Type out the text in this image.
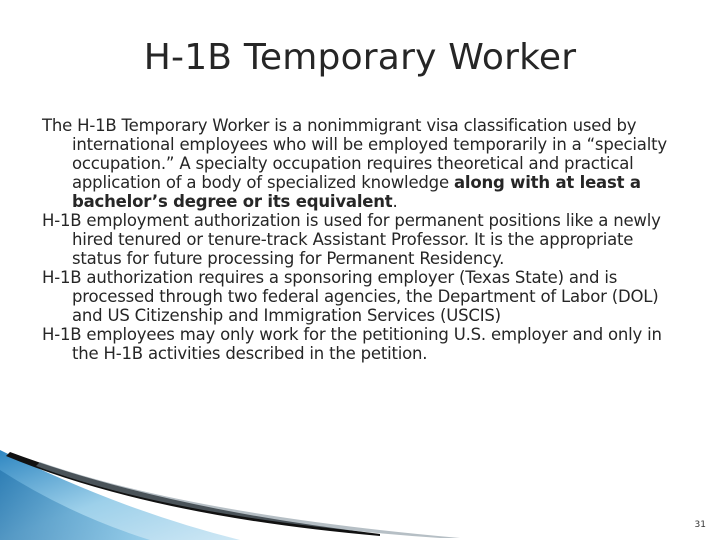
H-1B Temporary Worker

The H-1B Temporary Worker is a nonimmigrant visa classification used by international employees who will be employed temporarily in a “specialty occupation.” A specialty occupation requires theoretical and practical application of a body of specialized knowledge along with at least a bachelor’s degree or its equivalent.

H-1B employment authorization is used for permanent positions like a newly hired tenured or tenure-track Assistant Professor. It is the appropriate status for future processing for Permanent Residency.

H-1B authorization requires a sponsoring employer (Texas State) and is processed through two federal agencies, the Department of Labor (DOL) and US Citizenship and Immigration Services (USCIS)

H-1B employees may only work for the petitioning U.S. employer and only in the H-1B activities described in the petition.

31
